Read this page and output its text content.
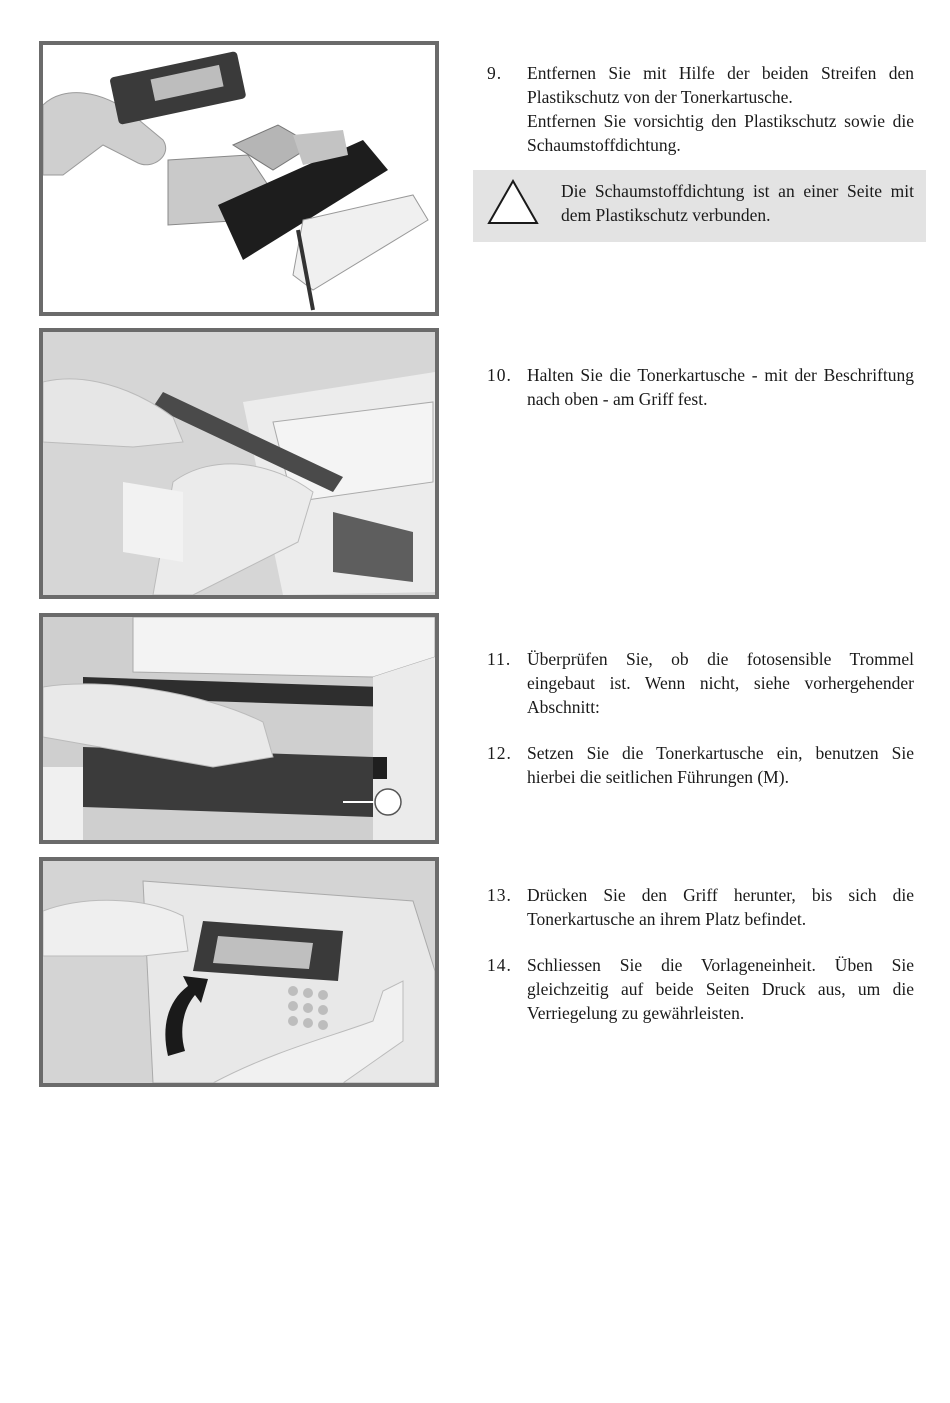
9. Entfernen Sie mit Hilfe der beiden Streifen den Plastikschutz von der Tonerkartusche.

Entfernen Sie vorsichtig den Plastikschutz sowie die Schaumstoffdichtung.

Die Schaumstoffdichtung ist an einer Seite mit dem Plastikschutz verbunden.
10. Halten Sie die Tonerkartusche - mit der Beschriftung nach oben - am Griff fest.

11. Überprüfen Sie, ob die fotosensible Trommel eingebaut ist. Wenn nicht, siehe vorhergehender Abschnitt:

12. Setzen Sie die Tonerkartusche ein, benutzen Sie hierbei die seitlichen Führungen (M).

13. Drücken Sie den Griff herunter, bis sich die Tonerkartusche an ihrem Platz befindet.

14. Schliessen Sie die Vorlageneinheit. Üben Sie gleichzeitig auf beide Seiten Druck aus, um die Verriegelung zu gewährleisten.
